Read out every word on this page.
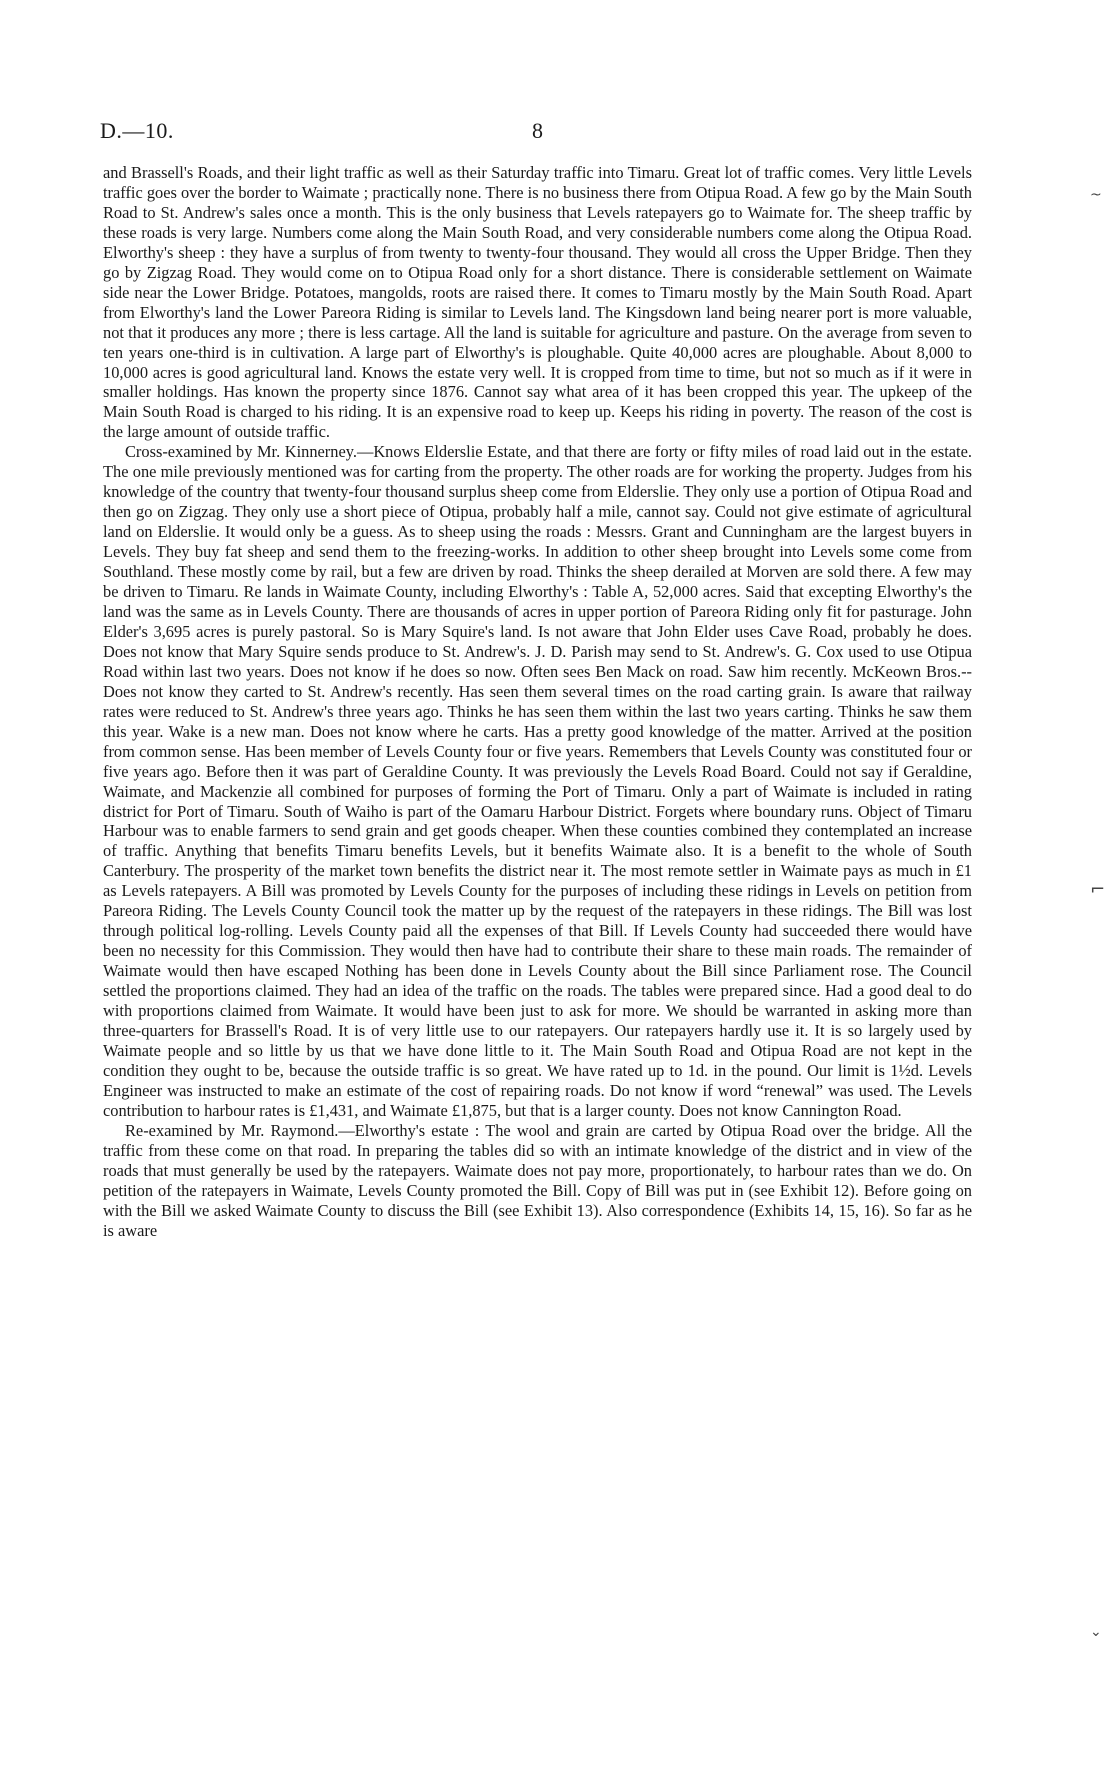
D.—10.	8

and Brassell's Roads, and their light traffic as well as their Saturday traffic into Timaru. Great lot of traffic comes. Very little Levels traffic goes over the border to Waimate ; practically none. There is no business there from Otipua Road. A few go by the Main South Road to St. Andrew's sales once a month. This is the only business that Levels ratepayers go to Waimate for. The sheep traffic by these roads is very large. Numbers come along the Main South Road, and very considerable numbers come along the Otipua Road. Elworthy's sheep : they have a surplus of from twenty to twenty-four thousand. They would all cross the Upper Bridge. Then they go by Zigzag Road. They would come on to Otipua Road only for a short distance. There is considerable settlement on Waimate side near the Lower Bridge. Potatoes, mangolds, roots are raised there. It comes to Timaru mostly by the Main South Road. Apart from Elworthy's land the Lower Pareora Riding is similar to Levels land. The Kingsdown land being nearer port is more valuable, not that it produces any more ; there is less cartage. All the land is suitable for agriculture and pasture. On the average from seven to ten years one-third is in cultivation. A large part of Elworthy's is ploughable. Quite 40,000 acres are ploughable. About 8,000 to 10,000 acres is good agricultural land. Knows the estate very well. It is cropped from time to time, but not so much as if it were in smaller holdings. Has known the property since 1876. Cannot say what area of it has been cropped this year. The upkeep of the Main South Road is charged to his riding. It is an expensive road to keep up. Keeps his riding in poverty. The reason of the cost is the large amount of outside traffic.

Cross-examined by Mr. Kinnerney.—Knows Elderslie Estate, and that there are forty or fifty miles of road laid out in the estate. The one mile previously mentioned was for carting from the property. The other roads are for working the property. Judges from his knowledge of the country that twenty-four thousand surplus sheep come from Elderslie. They only use a portion of Otipua Road and then go on Zigzag. They only use a short piece of Otipua, probably half a mile, cannot say. Could not give estimate of agricultural land on Elderslie. It would only be a guess. As to sheep using the roads : Messrs. Grant and Cunningham are the largest buyers in Levels. They buy fat sheep and send them to the freezing-works. In addition to other sheep brought into Levels some come from Southland. These mostly come by rail, but a few are driven by road. Thinks the sheep derailed at Morven are sold there. A few may be driven to Timaru. Re lands in Waimate County, including Elworthy's : Table A, 52,000 acres. Said that excepting Elworthy's the land was the same as in Levels County. There are thousands of acres in upper portion of Pareora Riding only fit for pasturage. John Elder's 3,695 acres is purely pastoral. So is Mary Squire's land. Is not aware that John Elder uses Cave Road, probably he does. Does not know that Mary Squire sends produce to St. Andrew's. J. D. Parish may send to St. Andrew's. G. Cox used to use Otipua Road within last two years. Does not know if he does so now. Often sees Ben Mack on road. Saw him recently. McKeown Bros.--Does not know they carted to St. Andrew's recently. Has seen them several times on the road carting grain. Is aware that railway rates were reduced to St. Andrew's three years ago. Thinks he has seen them within the last two years carting. Thinks he saw them this year. Wake is a new man. Does not know where he carts. Has a pretty good knowledge of the matter. Arrived at the position from common sense. Has been member of Levels County four or five years. Remembers that Levels County was constituted four or five years ago. Before then it was part of Geraldine County. It was previously the Levels Road Board. Could not say if Geraldine, Waimate, and Mackenzie all combined for purposes of forming the Port of Timaru. Only a part of Waimate is included in rating district for Port of Timaru. South of Waiho is part of the Oamaru Harbour District. Forgets where boundary runs. Object of Timaru Harbour was to enable farmers to send grain and get goods cheaper. When these counties combined they contemplated an increase of traffic. Anything that benefits Timaru benefits Levels, but it benefits Waimate also. It is a benefit to the whole of South Canterbury. The prosperity of the market town benefits the district near it. The most remote settler in Waimate pays as much in £1 as Levels ratepayers. A Bill was promoted by Levels County for the purposes of including these ridings in Levels on petition from Pareora Riding. The Levels County Council took the matter up by the request of the ratepayers in these ridings. The Bill was lost through political log-rolling. Levels County paid all the expenses of that Bill. If Levels County had succeeded there would have been no necessity for this Commission. They would then have had to contribute their share to these main roads. The remainder of Waimate would then have escaped Nothing has been done in Levels County about the Bill since Parliament rose. The Council settled the proportions claimed. They had an idea of the traffic on the roads. The tables were prepared since. Had a good deal to do with proportions claimed from Waimate. It would have been just to ask for more. We should be warranted in asking more than three-quarters for Brassell's Road. It is of very little use to our ratepayers. Our ratepayers hardly use it. It is so largely used by Waimate people and so little by us that we have done little to it. The Main South Road and Otipua Road are not kept in the condition they ought to be, because the outside traffic is so great. We have rated up to 1d. in the pound. Our limit is 1½d. Levels Engineer was instructed to make an estimate of the cost of repairing roads. Do not know if word “renewal” was used. The Levels contribution to harbour rates is £1,431, and Waimate £1,875, but that is a larger county. Does not know Cannington Road.

Re-examined by Mr. Raymond.—Elworthy's estate : The wool and grain are carted by Otipua Road over the bridge. All the traffic from these come on that road. In preparing the tables did so with an intimate knowledge of the district and in view of the roads that must generally be used by the ratepayers. Waimate does not pay more, proportionately, to harbour rates than we do. On petition of the ratepayers in Waimate, Levels County promoted the Bill. Copy of Bill was put in (see Exhibit 12). Before going on with the Bill we asked Waimate County to discuss the Bill (see Exhibit 13). Also correspondence (Exhibits 14, 15, 16). So far as he is aware

~
⌐
⌄
